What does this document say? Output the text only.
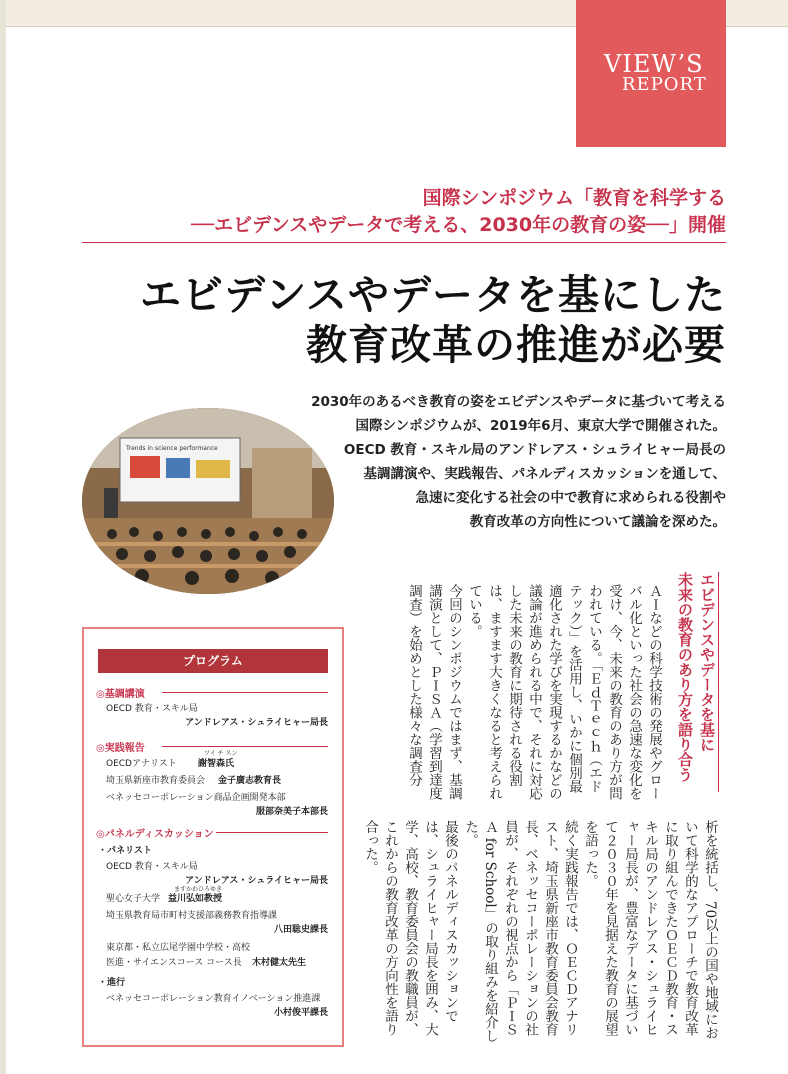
VIEW’S
REPORT
国際シンポジウム「教育を科学する
──エビデンスやデータで考える、2030年の教育の姿──」開催
エビデンスやデータを基にした
教育改革の推進が必要
2030年のあるべき教育の姿をエビデンスやデータに基づいて考える
国際シンポジウムが、2019年6月、東京大学で開催された。
OECD 教育・スキル局のアンドレアス・シュライヒャー局長の
基調講演や、実践報告、パネルディスカッションを通して、
急速に変化する社会の中で教育に求められる役割や
教育改革の方向性について議論を深めた。
Trends in science performance
エビデンスやデータを基に
未来の教育のあり方を語り合う

ＡＩなどの科学技術の発展やグローバル化といった社会の急速な変化を受け、今、未来の教育のあり方が問われている。「ＥｄＴｅｃｈ（エドテック）」を活用し、いかに個別最適化された学びを実現するかなどの議論が進められる中で、それに対応した未来の教育に期待される役割は、ますます大きくなると考えられている。

今回のシンポジウムではまず、基調講演として、ＰＩＳＡ（学習到達度調査）を始めとした様々な調査分

析を統括し、70以上の国や地域において科学的なアプローチで教育改革に取り組んできたＯＥＣＤ教育・スキル局のアンドレアス・シュライヒャー局長が、豊富なデータに基づいて２０３０年を見据えた教育の展望を語った。

続く実践報告では、ＯＥＣＤアナリスト、埼玉県新座市教育委員会教育長、ベネッセコーポレーションの社員が、それぞれの視点から「ＰＩＳＡ for School」の取り組みを紹介した。

最後のパネルディスカッションでは、シュライヒャー局長を囲み、大学、高校、教育委員会の教職員が、これからの教育改革の方向性を語り合った。

プログラム
◎基調講演
OECD 教育・スキル局
アンドレアス・シュライヒャー局長
◎実践報告	ツイ チ スン
OECDアナリスト 謝智森氏
埼玉県新座市教育委員会 金子廣志教育長
ベネッセコーポレーション商品企画開発本部
服部奈美子本部長
◎パネルディスカッション
・パネリスト
OECD 教育・スキル局
アンドレアス・シュライヒャー局長
ますかわひろゆき
聖心女子大学 益川弘如教授
埼玉県教育局市町村支援部義務教育指導課
八田聡史課長
東京都・私立広尾学園中学校・高校
医進・サイエンスコース コース長 木村健太先生
・進行
ベネッセコーポレーション教育イノベーション推進課
小村俊平課長
